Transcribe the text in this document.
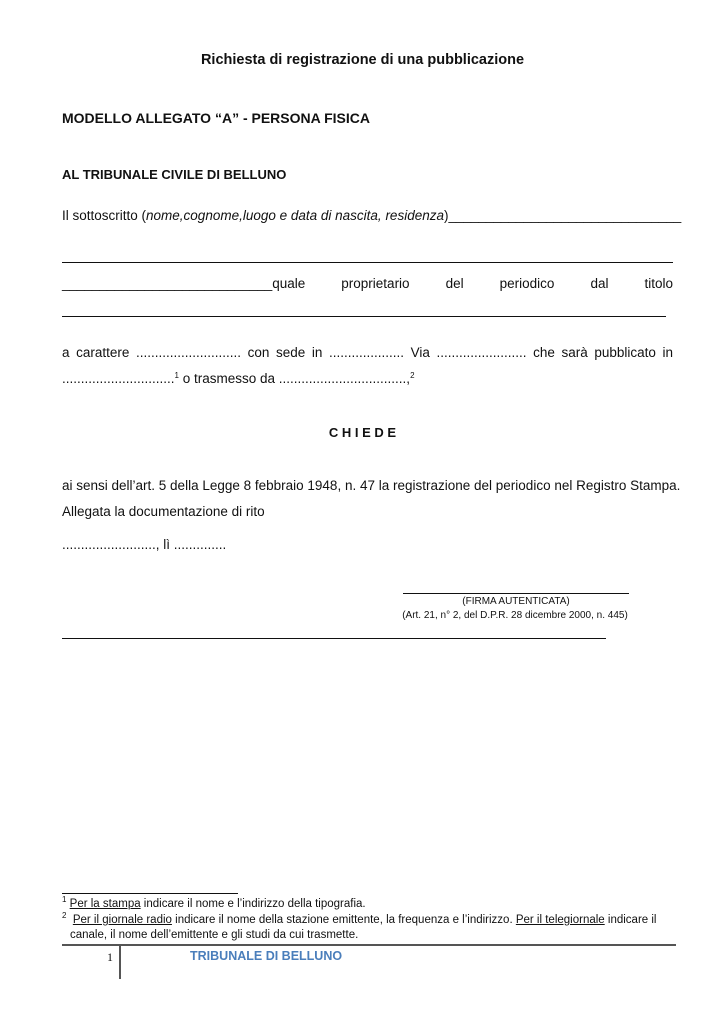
Richiesta di registrazione di una pubblicazione
MODELLO ALLEGATO “A” - PERSONA FISICA
AL TRIBUNALE CIVILE DI BELLUNO
Il sottoscritto (nome,cognome,luogo e data di nascita, residenza)_______________________________
____________________________quale	proprietario	del	periodico	dal	titolo
a carattere ............................ con sede in .................... Via ........................ che sarà pubblicato in
..............................$^1$ o trasmesso da ..................................,$^2$
C H I E D E
ai sensi dell’art. 5 della Legge 8 febbraio 1948, n. 47 la registrazione del periodico nel Registro Stampa.
Allegata la documentazione di rito
........................., lì ..............
(FIRMA AUTENTICATA)
(Art. 21, n° 2, del D.P.R. 28 dicembre 2000, n. 445)
$^1$ Per la stampa indicare il nome e l’indirizzo della tipografia.
$^2$ Per il giornale radio indicare il nome della stazione emittente, la frequenza e l’indirizzo. Per il telegiornale indicare il
canale, il nome dell’emittente e gli studi da cui trasmette.
1	TRIBUNALE DI BELLUNO
